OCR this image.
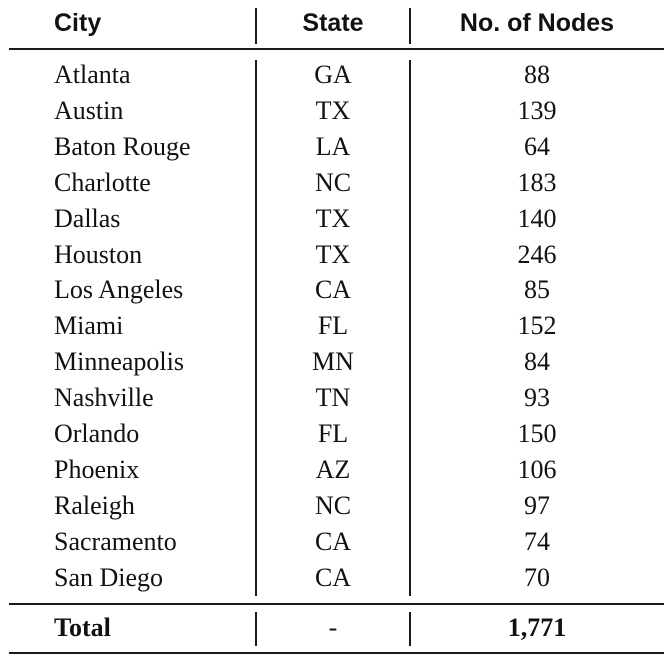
City	State	No. of Nodes
Atlanta	GA	88
Austin	TX	139
Baton Rouge	LA	64
Charlotte	NC	183
Dallas	TX	140
Houston	TX	246
Los Angeles	CA	85
Miami	FL	152
Minneapolis	MN	84
Nashville	TN	93
Orlando	FL	150
Phoenix	AZ	106
Raleigh	NC	97
Sacramento	CA	74
San Diego	CA	70
Total	-	1,771
